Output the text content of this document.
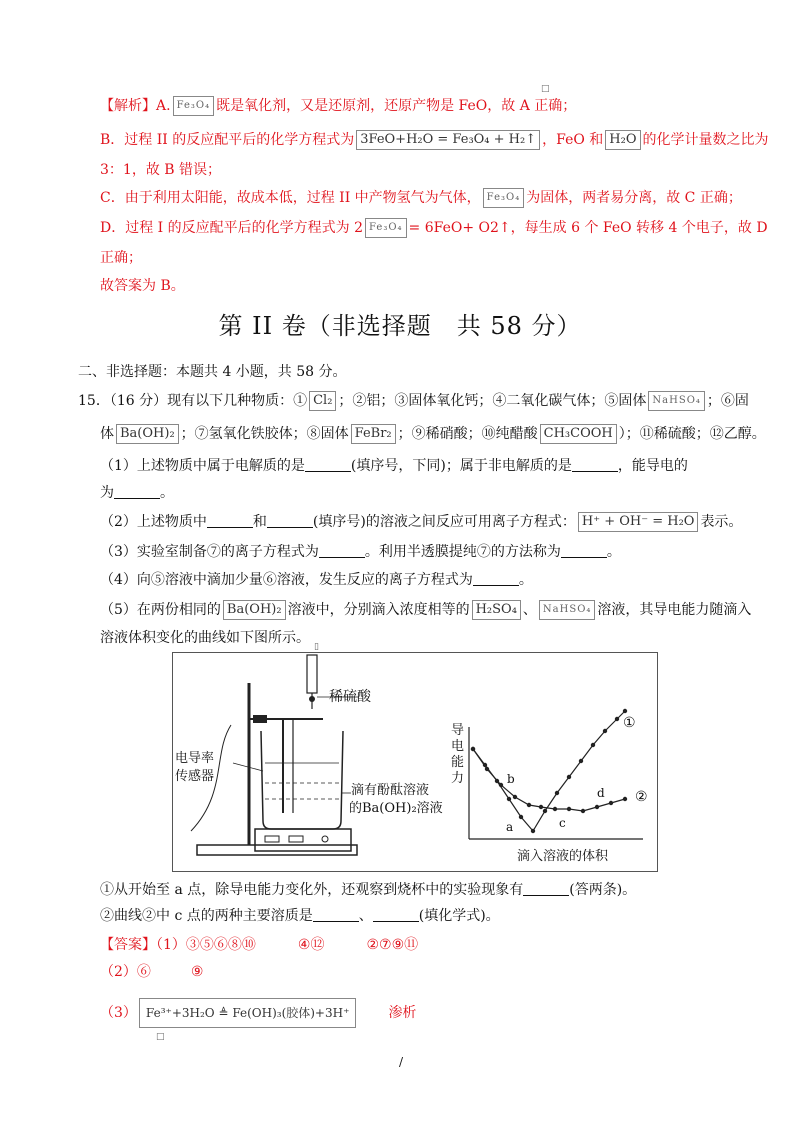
【解析】A. Fe₃O₄ 既是氧化剂，又是还原剂，还原产物是 FeO，故 A 正确；
B．过程 II 的反应配平后的化学方程式为 3FeO+H₂O = Fe₃O₄ + H₂↑ ，FeO 和 H₂O 的化学计量数之比为
3：1，故 B 错误；
C．由于利用太阳能，故成本低，过程 II 中产物氢气为气体， Fe₃O₄ 为固体，两者易分离，故 C 正确；
D．过程 I 的反应配平后的化学方程式为 2 Fe₃O₄ = 6FeO+ O2↑，每生成 6 个 FeO 转移 4 个电子，故 D
正确；
故答案为 B。
□
第 II 卷（非选择题　共 58 分）
二、非选择题：本题共 4 小题，共 58 分。
15．（16 分）现有以下几种物质：① Cl₂ ；②铝；③固体氧化钙；④二氧化碳气体；⑤固体 NaHSO₄ ；⑥固
体 Ba(OH)₂ ；⑦氢氧化铁胶体；⑧固体 FeBr₂ ；⑨稀硝酸；⑩纯醋酸 CH₃COOH ）；⑪稀硫酸；⑫乙醇。
（1）上述物质中属于电解质的是	(填序号，下同)；属于非电解质的是	，能导电的
为	。
（2）上述物质中	和	(填序号)的溶液之间反应可用离子方程式： H⁺ + OH⁻ = H₂O 表示。
（3）实验室制备⑦的离子方程式为	。利用半透膜提纯⑦的方法称为	。
（4）向⑤溶液中滴加少量⑥溶液，发生反应的离子方程式为	。
（5）在两份相同的 Ba(OH)₂ 溶液中，分别滴入浓度相等的 H₂SO₄ 、 NaHSO₄ 溶液，其导电能力随滴入
溶液体积变化的曲线如下图所示。
▯
稀硫酸
电导率
传感器
滴有酚酞溶液
的Ba(OH)₂溶液
导
电
能
力
滴入溶液的体积
a
b
c
d
①
②
①从开始至 a 点，除导电能力变化外，还观察到烧杯中的实验现象有	(答两条)。
②曲线②中 c 点的两种主要溶质是	、	(填化学式)。
【答案】（1）③⑤⑥⑧⑩	④⑫	②⑦⑨⑪
（2）⑥	⑨
（3） Fe³⁺+3H₂O ≜ Fe(OH)₃(胶体)+3H⁺	渗析
□
/
